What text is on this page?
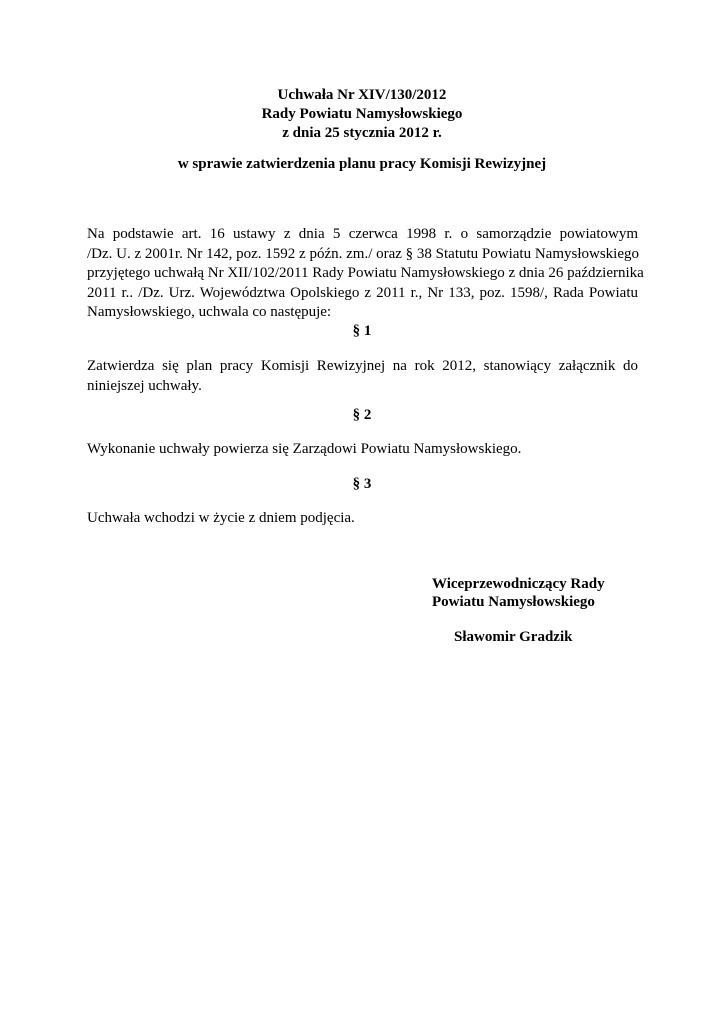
Uchwała Nr XIV/130/2012
Rady Powiatu Namysłowskiego
z dnia 25 stycznia 2012 r.
w sprawie zatwierdzenia planu pracy Komisji Rewizyjnej
Na podstawie art. 16 ustawy z dnia 5 czerwca 1998 r. o samorządzie powiatowym
/Dz. U. z 2001r. Nr 142, poz. 1592 z późn. zm./ oraz § 38 Statutu Powiatu Namysłowskiego
przyjętego uchwałą Nr XII/102/2011 Rady Powiatu Namysłowskiego z dnia 26 października
2011 r.. /Dz. Urz. Województwa Opolskiego z 2011 r., Nr 133, poz. 1598/, Rada Powiatu
Namysłowskiego, uchwala co następuje:
§ 1
Zatwierdza się plan pracy Komisji Rewizyjnej na rok 2012, stanowiący załącznik do
niniejszej uchwały.
§ 2
Wykonanie uchwały powierza się Zarządowi Powiatu Namysłowskiego.
§ 3
Uchwała wchodzi w życie z dniem podjęcia.
Wiceprzewodniczący Rady
Powiatu Namysłowskiego
Sławomir Gradzik
